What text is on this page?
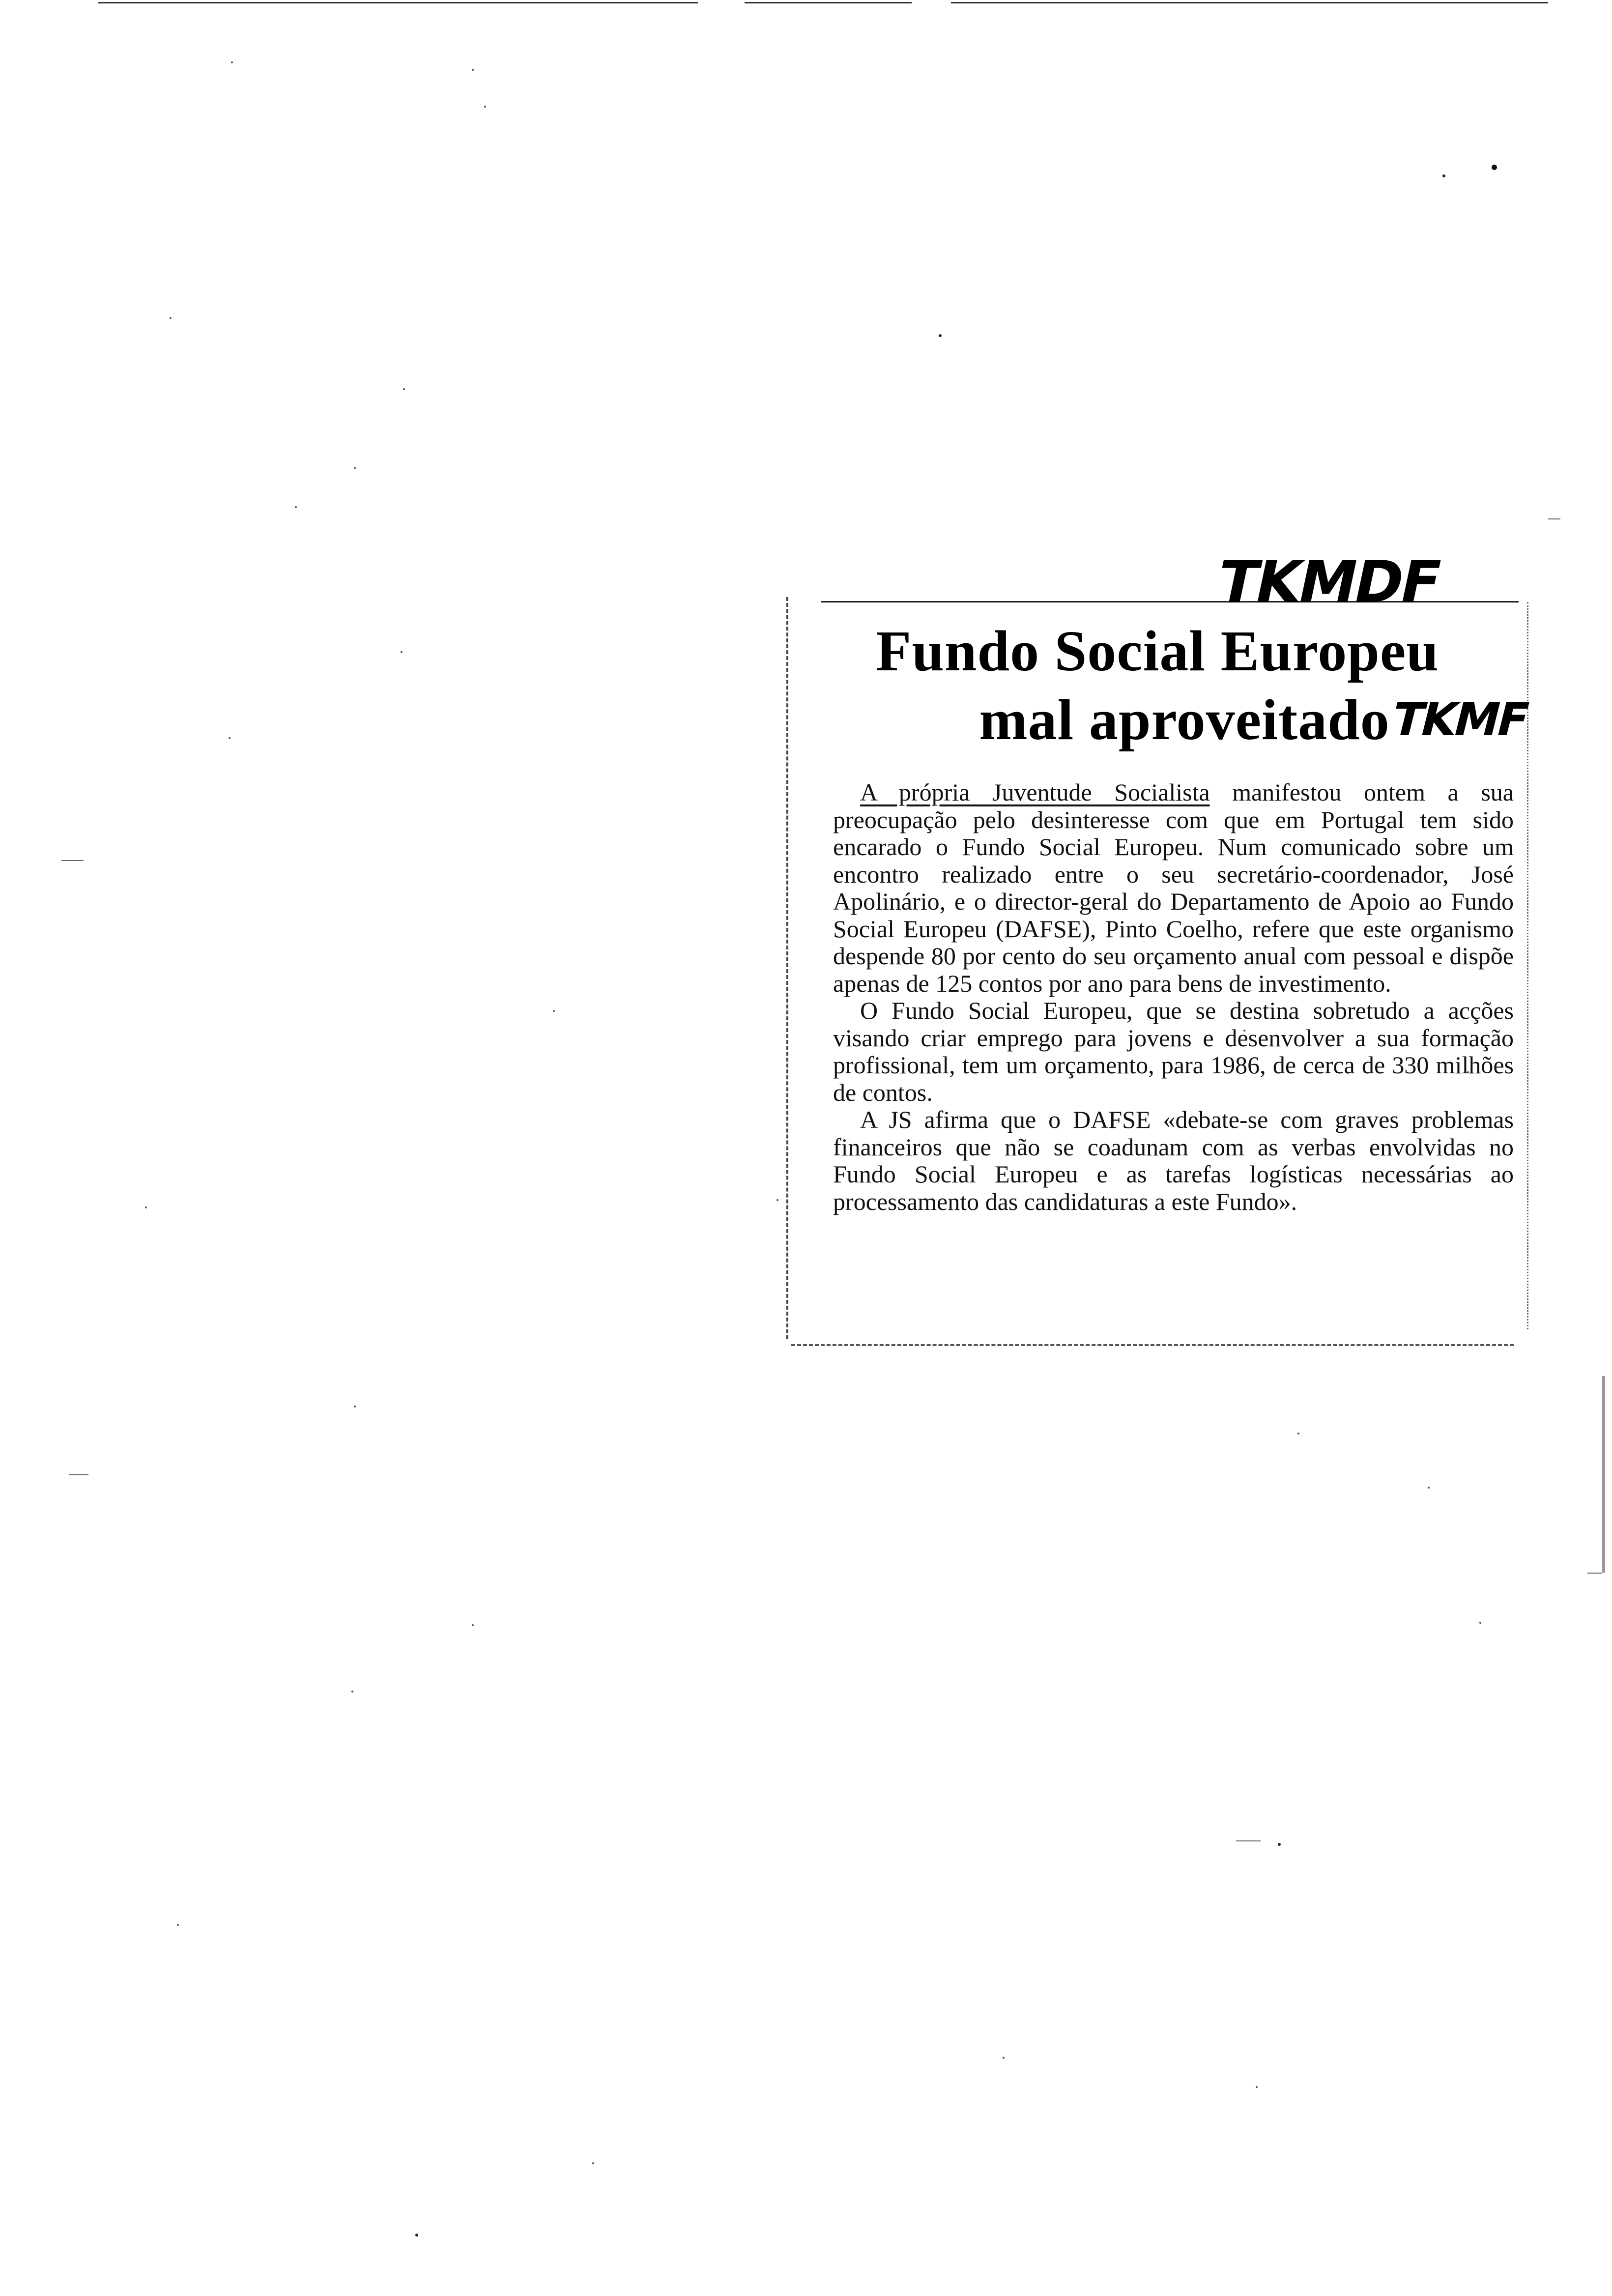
TKMDF
Fundo Social Europeu
mal aproveitado
TKMF

A própria Juventude Socialista manifestou ontem a sua preocupação pelo desinteresse com que em Portugal tem sido encarado o Fundo Social Europeu. Num comunicado sobre um encontro realizado entre o seu secretário-coordenador, José Apolinário, e o director-geral do Departamento de Apoio ao Fundo Social Europeu (DAFSE), Pinto Coelho, refere que este organismo despende 80 por cento do seu orçamento anual com pessoal e dispõe apenas de 125 contos por ano para bens de investimento.

O Fundo Social Europeu, que se destina sobretudo a acções visando criar emprego para jovens e desenvolver a sua formação profissional, tem um orçamento, para 1986, de cerca de 330 milhões de contos.

A JS afirma que o DAFSE «debate-se com graves problemas financeiros que não se coadunam com as verbas envolvidas no Fundo Social Europeu e as tarefas logísticas necessárias ao processamento das candidaturas a este Fundo».
